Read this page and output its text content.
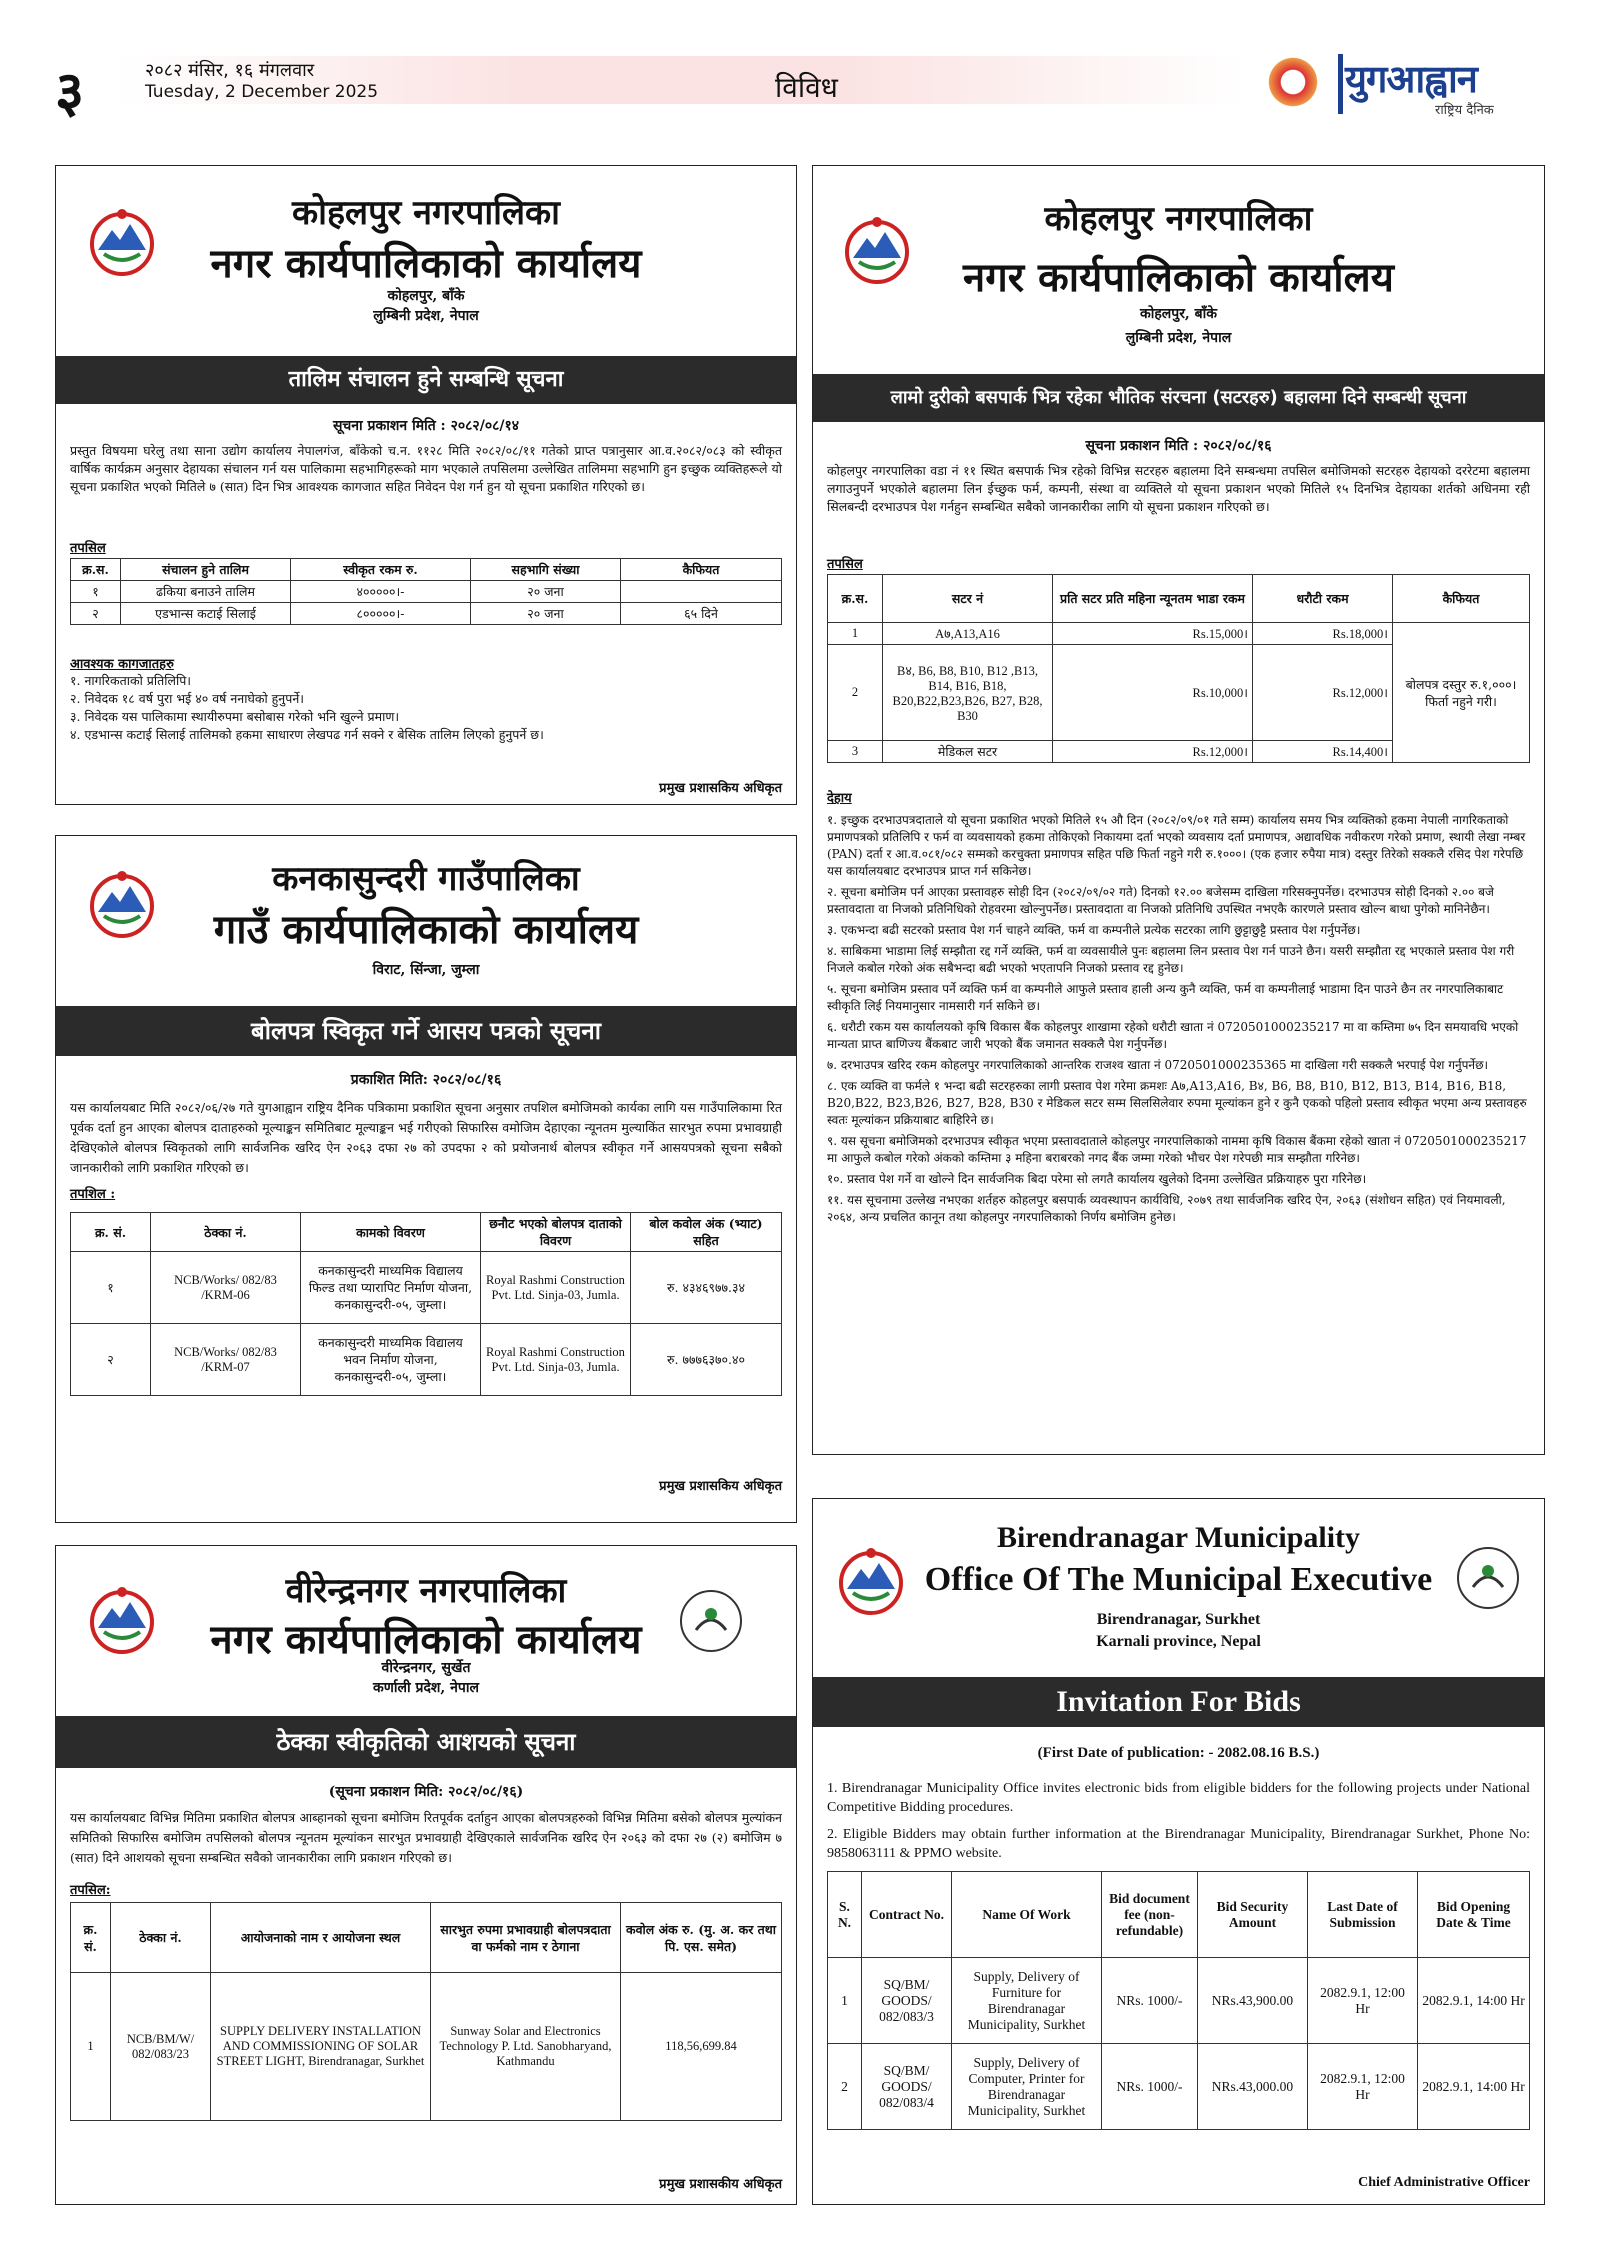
३	२०८२ मंसिर, १६ मंगलवार
Tuesday, 2 December 2025	विविध	युगआह्वान
राष्ट्रिय दैनिक
कोहलपुर नगरपालिका
नगर कार्यपालिकाको कार्यालय
कोहलपुर, बाँके
लुम्बिनी प्रदेश, नेपाल
तालिम संचालन हुने सम्बन्धि सूचना
सूचना प्रकाशन मिति : २०८२/०८/१४
प्रस्तुत विषयमा घरेलु तथा साना उद्योग कार्यालय नेपालगंज, बाँकेको च.न. ११२८ मिति २०८२/०८/११ गतेको प्राप्त पत्रानुसार आ.व.२०८२/०८३ को स्वीकृत वार्षिक कार्यक्रम अनुसार देहायका संचालन गर्न यस पालिकामा सहभागिहरूको माग भएकाले तपसिलमा उल्लेखित तालिममा सहभागि हुन इच्छुक व्यक्तिहरूले यो सूचना प्रकाशित भएको मितिले ७ (सात) दिन भित्र आवश्यक कागजात सहित निवेदन पेश गर्न हुन यो सूचना प्रकाशित गरिएको छ।
तपसिल
क्र.स.	संचालन हुने तालिम	स्वीकृत रकम रु.	सहभागि संख्या	कैफियत
१	ढकिया बनाउने तालिम	४०००००।-	२० जना	
२	एडभान्स कटाई सिलाई	८०००००।-	२० जना	६५ दिने
आवश्यक कागजातहरु
१. नागरिकताको प्रतिलिपि।
२. निवेदक १८ वर्ष पुरा भई ४० वर्ष ननाघेको हुनुपर्ने।
३. निवेदक यस पालिकामा स्थायीरुपमा बसोबास गरेको भनि खुल्ने प्रमाण।
४. एडभान्स कटाई सिलाई तालिमको हकमा साधारण लेखपढ गर्न सक्ने र बेसिक तालिम लिएको हुनुपर्ने छ।
प्रमुख प्रशासकिय अधिकृत
कनकासुन्दरी गाउँपालिका
गाउँ कार्यपालिकाको कार्यालय
विराट, सिंन्जा, जुम्ला
बोलपत्र स्विकृत गर्ने आसय पत्रको सूचना
प्रकाशित मिति: २०८२/०८/१६
यस कार्यालयबाट मिति २०८२/०६/२७ गते युगआह्वान राष्ट्रिय दैनिक पत्रिकामा प्रकाशित सूचना अनुसार तपशिल बमोजिमको कार्यका लागि यस गाउँपालिकामा रित पूर्वक दर्ता हुन आएका बोलपत्र दाताहरुको मूल्याङ्कन समितिबाट मूल्याङ्कन भई गरीएको सिफारिस वमोजिम देहाएका न्यूनतम मुल्याकिंत सारभुत रुपमा प्रभावग्राही देखिएकोले बोलपत्र स्विकृतको लागि सार्वजनिक खरिद ऐन २०६३ दफा २७ को उपदफा २ को प्रयोजनार्थ बोलपत्र स्वीकृत गर्ने आसयपत्रको सूचना सबैको जानकारीको लागि प्रकाशित गरिएको छ।
तपशिल :
क्र. सं.	ठेक्का नं.	कामको विवरण	छनौट भएको बोलपत्र दाताको विवरण	बोल कवोल अंक (भ्याट) सहित
१	NCB/Works/ 082/83 /KRM-06	कनकासुन्दरी माध्यमिक विद्यालय फिल्ड तथा प्यारापिट निर्माण योजना, कनकासुन्दरी-०५, जुम्ला।	Royal Rashmi Construction Pvt. Ltd. Sinja-03, Jumla.	रु. ४३४६९७७.३४
२	NCB/Works/ 082/83 /KRM-07	कनकासुन्दरी माध्यमिक विद्यालय भवन निर्माण योजना, कनकासुन्दरी-०५, जुम्ला।	Royal Rashmi Construction Pvt. Ltd. Sinja-03, Jumla.	रु. ७७७६३७०.४०
प्रमुख प्रशासकिय अधिकृत
वीरेन्द्रनगर नगरपालिका
नगर कार्यपालिकाको कार्यालय
वीरेन्द्रनगर, सुर्खेत
कर्णाली प्रदेश, नेपाल
ठेक्का स्वीकृतिको आशयको सूचना
(सूचना प्रकाशन मिति: २०८२/०८/१६)
यस कार्यालयबाट विभिन्न मितिमा प्रकाशित बोलपत्र आब्हानको सूचना बमोजिम रितपूर्वक दर्ताहुन आएका बोलपत्रहरुको विभिन्न मितिमा बसेको बोलपत्र मुल्यांकन समितिको सिफारिस बमोजिम तपसिलको बोलपत्र न्यूनतम मूल्यांकन सारभुत प्रभावग्राही देखिएकाले सार्वजनिक खरिद ऐन २०६३ को दफा २७ (२) बमोजिम ७ (सात) दिने आशयको सूचना सम्बन्धित सवैको जानकारीका लागि प्रकाशन गरिएको छ।
तपसिल:
क्र. सं.	ठेक्का नं.	आयोजनाको नाम र आयोजना स्थल	सारभुत रुपमा प्रभावग्राही बोलपत्रदाता वा फर्मको नाम र ठेगाना	कवोल अंक रु. (मु. अ. कर तथा पि. एस. समेत)
1	NCB/BM/W/ 082/083/23	SUPPLY DELIVERY INSTALLATION AND COMMISSIONING OF SOLAR STREET LIGHT, Birendranagar, Surkhet	Sunway Solar and Electronics Technology P. Ltd. Sanobharyand, Kathmandu	118,56,699.84
प्रमुख प्रशासकीय अधिकृत
कोहलपुर नगरपालिका
नगर कार्यपालिकाको कार्यालय
कोहलपुर, बाँके
लुम्बिनी प्रदेश, नेपाल
लामो दुरीको बसपार्क भित्र रहेका भौतिक संरचना (सटरहरु) बहालमा दिने सम्बन्धी सूचना
सूचना प्रकाशन मिति : २०८२/०८/१६
कोहलपुर नगरपालिका वडा नं ११ स्थित बसपार्क भित्र रहेको विभिन्न सटरहरु बहालमा दिने सम्बन्धमा तपसिल बमोजिमको सटरहरु देहायको दररेटमा बहालमा लगाउनुपर्ने भएकोले बहालमा लिन ईच्छुक फर्म, कम्पनी, संस्था वा व्यक्तिले यो सूचना प्रकाशन भएको मितिले १५ दिनभित्र देहायका शर्तको अधिनमा रही सिलबन्दी दरभाउपत्र पेश गर्नहुन सम्बन्धित सबैको जानकारीका लागि यो सूचना प्रकाशन गरिएको छ।
तपसिल
क्र.स.	सटर नं	प्रति सटर प्रति महिना न्यूनतम भाडा रकम	धरौटी रकम	कैफियत
1	A७,A13,A16	Rs.15,000।	Rs.18,000।	बोलपत्र दस्तुर रु.१,०००। फिर्ता नहुने गरी।
2	B४, B6, B8, B10, B12 ,B13, B14, B16, B18, B20,B22,B23,B26, B27, B28, B30	Rs.10,000।	Rs.12,000।	
3	मेडिकल सटर	Rs.12,000।	Rs.14,400।	
देहाय
१. इच्छुक दरभाउपत्रदाताले यो सूचना प्रकाशित भएको मितिले १५ औ दिन (२०८२/०९/०१ गते सम्म) कार्यालय समय भित्र व्यक्तिको हकमा नेपाली नागरिकताको प्रमाणपत्रको प्रतिलिपि र फर्म वा व्यवसायको हकमा तोकिएको निकायमा दर्ता भएको व्यवसाय दर्ता प्रमाणपत्र, अद्यावधिक नवीकरण गरेको प्रमाण, स्थायी लेखा नम्बर (PAN) दर्ता र आ.व.०८१/०८२ सम्मको करचुक्ता प्रमाणपत्र सहित पछि फिर्ता नहुने गरी रु.१०००। (एक हजार रुपैया मात्र) दस्तुर तिरेको सक्कलै रसिद पेश गरेपछि यस कार्यालयबाट दरभाउपत्र प्राप्त गर्न सकिनेछ।
२. सूचना बमोजिम पर्न आएका प्रस्तावहरु सोही दिन (२०८२/०९/०२ गते) दिनको १२.०० बजेसम्म दाखिला गरिसक्नुपर्नेछ। दरभाउपत्र सोही दिनको २.०० बजे प्रस्तावदाता वा निजको प्रतिनिधिको रोहवरमा खोल्नुपर्नेछ। प्रस्तावदाता वा निजको प्रतिनिधि उपस्थित नभएकै कारणले प्रस्ताव खोल्न बाधा पुगेको मानिनेछैन।
३. एकभन्दा बढी सटरको प्रस्ताव पेश गर्न चाहने व्यक्ति, फर्म वा कम्पनीले प्रत्येक सटरका लागि छुट्टाछुट्टै प्रस्ताव पेश गर्नुपर्नेछ।
४. साबिकमा भाडामा लिई सम्झौता रद्द गर्ने व्यक्ति, फर्म वा व्यवसायीले पुनः बहालमा लिन प्रस्ताव पेश गर्न पाउने छैन। यसरी सम्झौता रद्द भएकाले प्रस्ताव पेश गरी निजले कबोल गरेको अंक सबैभन्दा बढी भएको भएतापनि निजको प्रस्ताव रद्द हुनेछ।
५. सूचना बमोजिम प्रस्ताव पर्ने व्यक्ति फर्म वा कम्पनीले आफुले प्रस्ताव हाली अन्य कुनै व्यक्ति, फर्म वा कम्पनीलाई भाडामा दिन पाउने छैन तर नगरपालिकाबाट स्वीकृति लिई नियमानुसार नामसारी गर्न सकिने छ।
६. धरौटी रकम यस कार्यालयको कृषि विकास बैंक कोहलपुर शाखामा रहेको धरौटी खाता नं 0720501000235217 मा वा कम्तिमा ७५ दिन समयावधि भएको मान्यता प्राप्त बाणिज्य बैंकबाट जारी भएको बैंक जमानत सक्कलै पेश गर्नुपर्नेछ।
७. दरभाउपत्र खरिद रकम कोहलपुर नगरपालिकाको आन्तरिक राजश्व खाता नं 0720501000235365 मा दाखिला गरी सक्कलै भरपाई पेश गर्नुपर्नेछ।
८. एक व्यक्ति वा फर्मले १ भन्दा बढी सटरहरुका लागी प्रस्ताव पेश गरेमा क्रमशः A७,A13,A16, B४, B6, B8, B10, B12, B13, B14, B16, B18, B20,B22, B23,B26, B27, B28, B30 र मेडिकल सटर सम्म सिलसिलेवार रुपमा मूल्यांकन हुने र कुनै एकको पहिलो प्रस्ताव स्वीकृत भएमा अन्य प्रस्तावहरु स्वतः मूल्यांकन प्रक्रियाबाट बाहिरिने छ।
९. यस सूचना बमोजिमको दरभाउपत्र स्वीकृत भएमा प्रस्तावदाताले कोहलपुर नगरपालिकाको नाममा कृषि विकास बैंकमा रहेको खाता नं 0720501000235217 मा आफुले कबोल गरेको अंकको कम्तिमा ३ महिना बराबरको नगद बैंक जम्मा गरेको भौचर पेश गरेपछी मात्र सम्झौता गरिनेछ।
१०. प्रस्ताव पेश गर्ने वा खोल्ने दिन सार्वजनिक बिदा परेमा सो लगतै कार्यालय खुलेको दिनमा उल्लेखित प्रक्रियाहरु पुरा गरिनेछ।
११. यस सूचनामा उल्लेख नभएका शर्तहरु कोहलपुर बसपार्क व्यवस्थापन कार्यविधि, २०७९ तथा सार्वजनिक खरिद ऐन, २०६३ (संशोधन सहित) एवं नियमावली, २०६४, अन्य प्रचलित कानून तथा कोहलपुर नगरपालिकाको निर्णय बमोजिम हुनेछ।
Birendranagar Municipality
Office Of The Municipal Executive
Birendranagar, Surkhet
Karnali province, Nepal
Invitation For Bids
(First Date of publication: - 2082.08.16 B.S.)
1. Birendranagar Municipality Office invites electronic bids from eligible bidders for the following projects under National Competitive Bidding procedures.
2. Eligible Bidders may obtain further information at the Birendranagar Municipality, Birendranagar Surkhet, Phone No: 9858063111 & PPMO website.
S. N.	Contract No.	Name Of Work	Bid document fee (non-refundable)	Bid Security Amount	Last Date of Submission	Bid Opening Date & Time
1	SQ/BM/ GOODS/ 082/083/3	Supply, Delivery of Furniture for Birendranagar Municipality, Surkhet	NRs. 1000/-	NRs.43,900.00	2082.9.1, 12:00 Hr	2082.9.1, 14:00 Hr
2	SQ/BM/ GOODS/ 082/083/4	Supply, Delivery of Computer, Printer for Birendranagar Municipality, Surkhet	NRs. 1000/-	NRs.43,000.00	2082.9.1, 12:00 Hr	2082.9.1, 14:00 Hr
Chief Administrative Officer
